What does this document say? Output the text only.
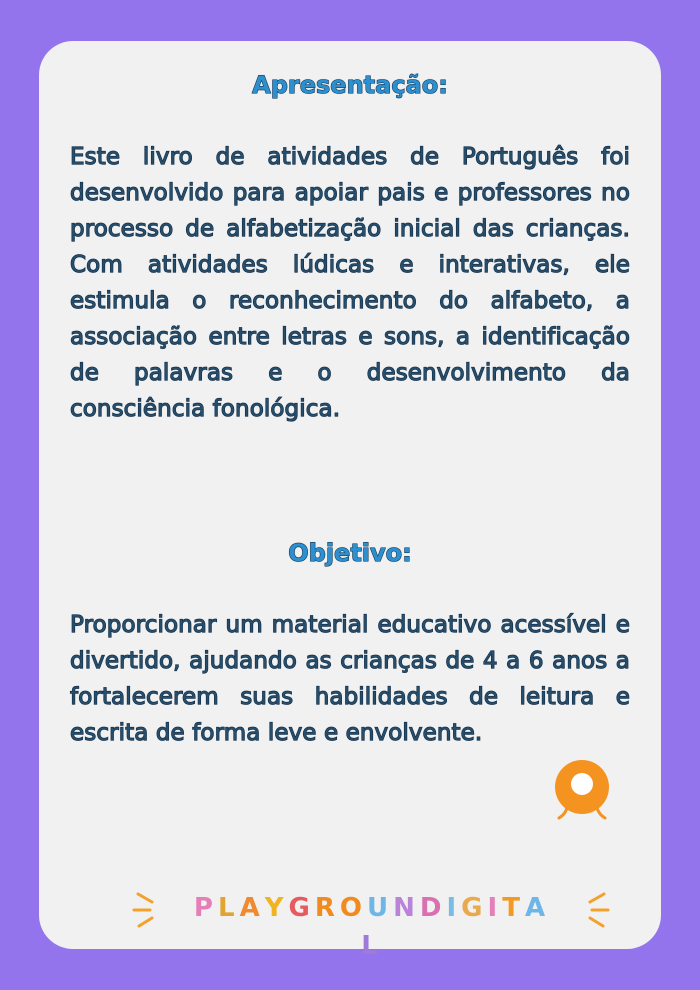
Apresentação:
Este livro de atividades de Português foi desenvolvido para apoiar pais e professores no processo de alfabetização inicial das crianças. Com atividades lúdicas e interativas, ele estimula o reconhecimento do alfabeto, a associação entre letras e sons, a identificação de palavras e o desenvolvimento da consciência fonológica.
Objetivo:
Proporcionar um material educativo acessível e divertido, ajudando as crianças de 4 a 6 anos a fortalecerem suas habilidades de leitura e escrita de forma leve e envolvente.
PLAYGROUNDIGITAL
